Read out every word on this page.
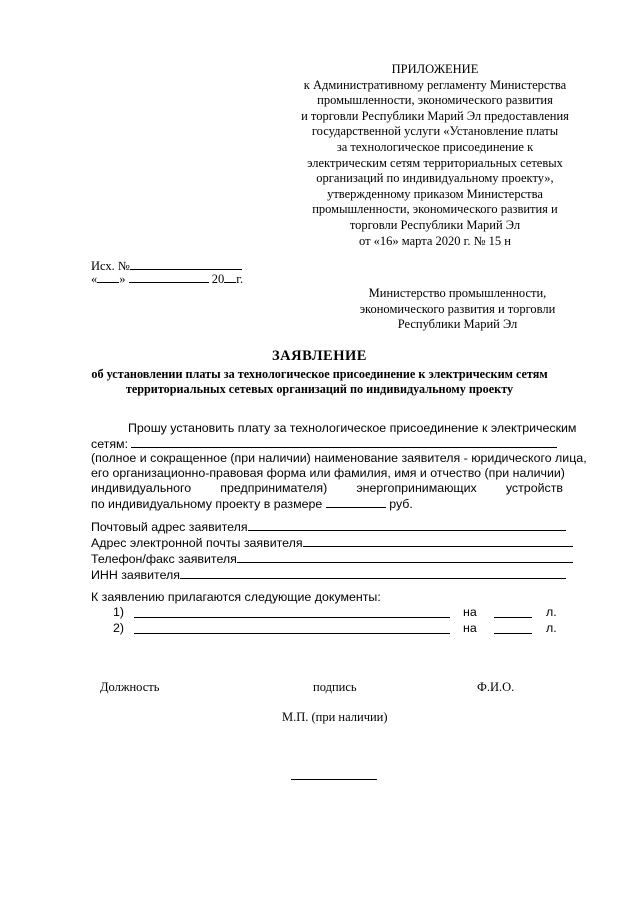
ПРИЛОЖЕНИЕ
к Административному регламенту Министерства
промышленности, экономического развития
и торговли Республики Марий Эл предоставления
государственной услуги «Установление платы
за технологическое присоединение к
электрическим сетям территориальных сетевых
организаций по индивидуальному проекту»,
утвержденному приказом Министерства
промышленности, экономического развития и
торговли Республики Марий Эл
от «16» марта 2020 г. № 15 н
Исх. №
« »	20 г.
Министерство промышленности,
экономического развития и торговли
Республики Марий Эл
ЗАЯВЛЕНИЕ
об установлении платы за технологическое присоединение к электрическим сетям
территориальных сетевых организаций по индивидуальному проекту
Прошу установить плату за технологическое присоединение к электрическим
сетям:
(полное и сокращенное (при наличии) наименование заявителя - юридического лица,
его организационно-правовая форма или фамилия, имя и отчество (при наличии)
индивидуального предпринимателя) энергопринимающих устройств
по индивидуальному проекту в размере	руб.
Почтовый адрес заявителя
Адрес электронной почты заявителя
Телефон/факс заявителя
ИНН заявителя
К заявлению прилагаются следующие документы:
1)	на	л.
2)	на	л.
Должность	подпись	Ф.И.О.
М.П. (при наличии)
